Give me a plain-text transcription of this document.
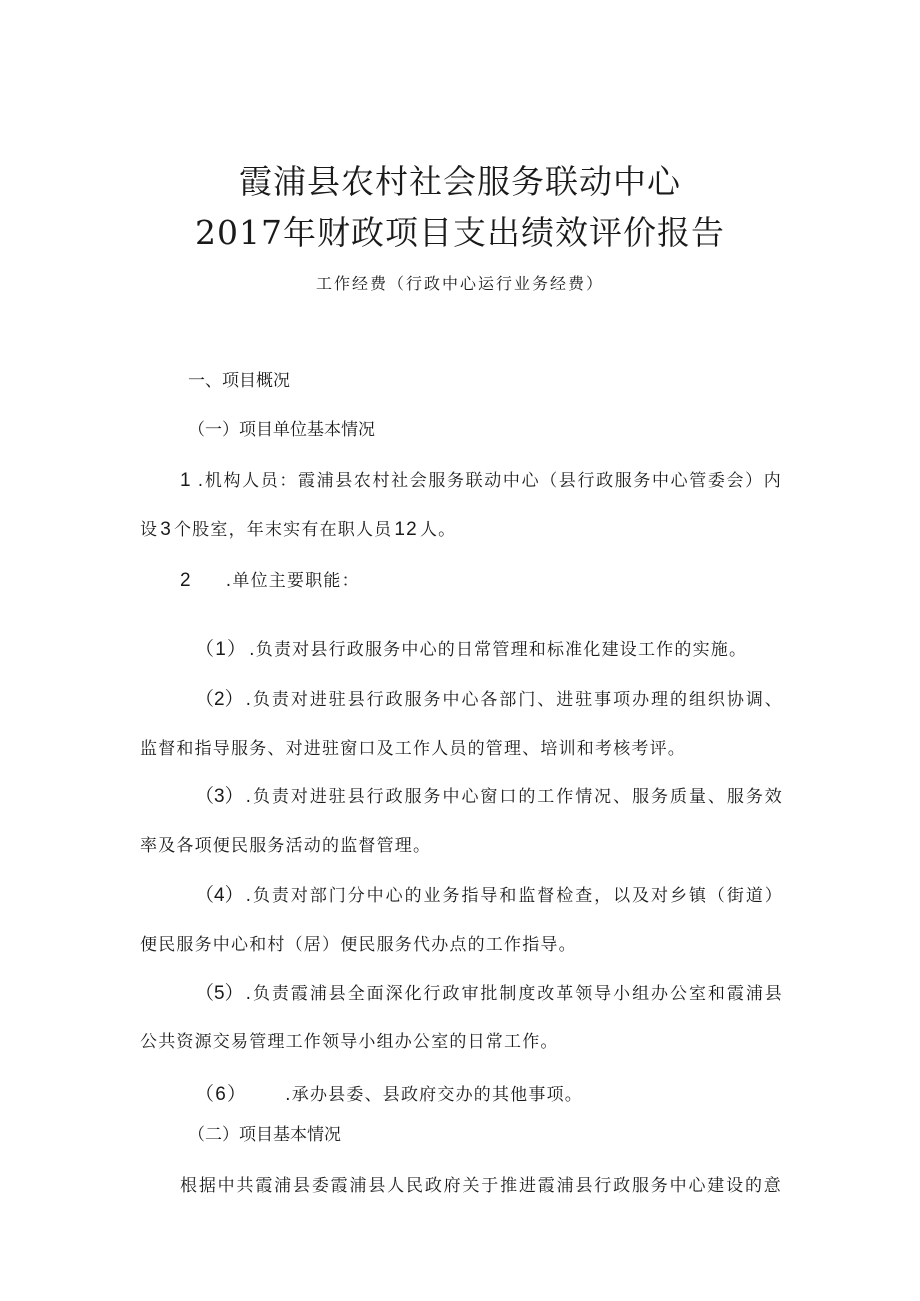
霞浦县农村社会服务联动中心
2017年财政项目支出绩效评价报告
工作经费（行政中心运行业务经费）
一、项目概况
（一）项目单位基本情况
1 .机构人员：霞浦县农村社会服务联动中心（县行政服务中心管委会）内
设 3 个股室，年末实有在职人员 12 人。
2 .单位主要职能：
（1） .负责对县行政服务中心的日常管理和标准化建设工作的实施。
（2） .负责对进驻县行政服务中心各部门、进驻事项办理的组织协调、
监督和指导服务、对进驻窗口及工作人员的管理、培训和考核考评。
（3） .负责对进驻县行政服务中心窗口的工作情况、服务质量、服务效
率及各项便民服务活动的监督管理。
（4） .负责对部门分中心的业务指导和监督检查，以及对乡镇（街道）
便民服务中心和村（居）便民服务代办点的工作指导。
（5） .负责霞浦县全面深化行政审批制度改革领导小组办公室和霞浦县
公共资源交易管理工作领导小组办公室的日常工作。
（6） .承办县委、县政府交办的其他事项。
（二）项目基本情况
根据中共霞浦县委霞浦县人民政府关于推进霞浦县行政服务中心建设的意
